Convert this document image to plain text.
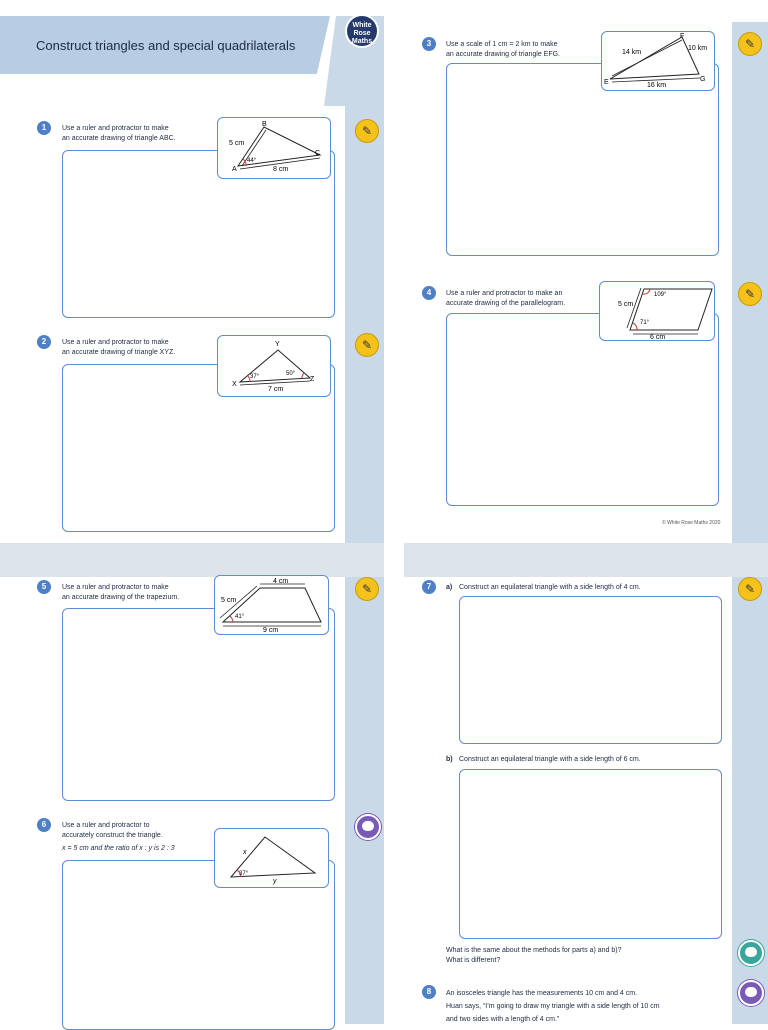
Construct triangles and special quadrilaterals
White
Rose
Maths
1	Use a ruler and protractor to make
an accurate drawing of triangle ABC.
A
B
C
5 cm
8 cm
44°
✎
2	Use a ruler and protractor to make
an accurate drawing of triangle XYZ.
X
Y
Z
7 cm
37°	50°
✎
3	Use a scale of 1 cm = 2 km to make
an accurate drawing of triangle EFG.
E
F
G
14 km
10 km
16 km
✎
4	Use a ruler and protractor to make an
accurate drawing of the parallelogram.	5 cm
6 cm
109°
71°
✎
© White Rose Maths 2020
5	Use a ruler and protractor to make
an accurate drawing of the trapezium.
4 cm
5 cm
9 cm
41°
✎
6	Use a ruler and protractor to
accurately construct the triangle.
x = 5 cm and the ratio of x : y is 2 : 3
x
y
37°
7	a) Construct an equilateral triangle with a side length of 4 cm.
b) Construct an equilateral triangle with a side length of 6 cm.
What is the same about the methods for parts a) and b)?
What is different?
✎
8	An isosceles triangle has the measurements 10 cm and 4 cm.
Huan says, “I’m going to draw my triangle with a side length of 10 cm
and two sides with a length of 4 cm.”
